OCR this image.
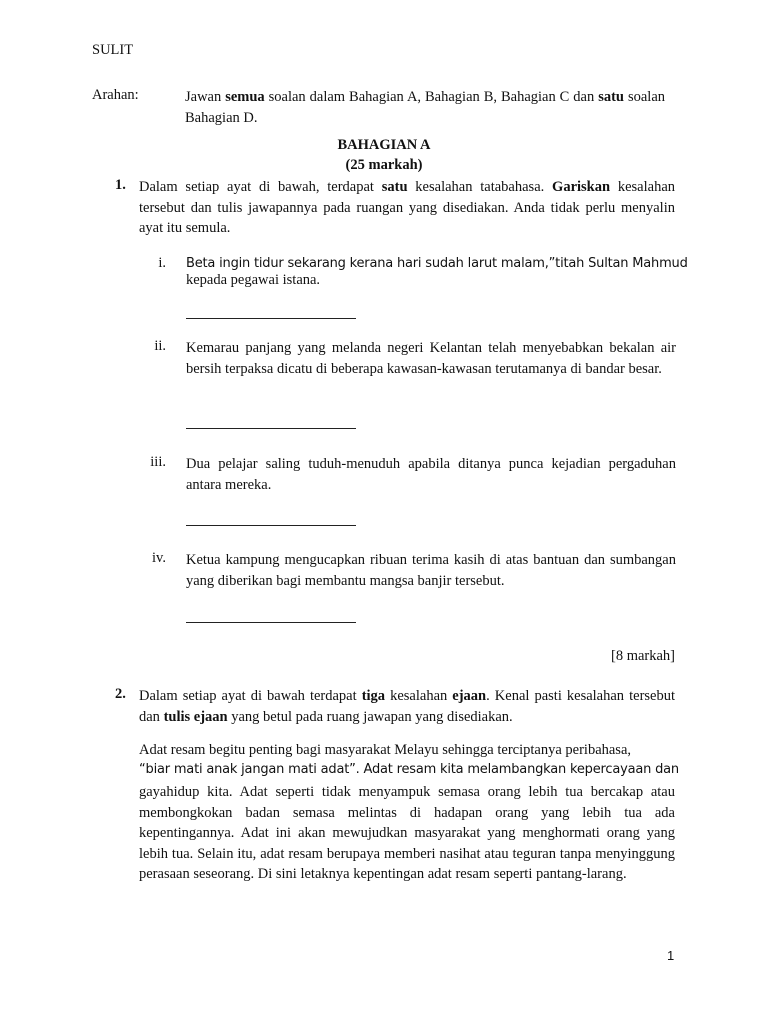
SULIT
Arahan:	Jawan semua soalan dalam Bahagian A, Bahagian B, Bahagian C dan satu soalan Bahagian D.
BAHAGIAN A
(25 markah)
1. Dalam setiap ayat di bawah, terdapat satu kesalahan tatabahasa. Gariskan kesalahan tersebut dan tulis jawapannya pada ruangan yang disediakan. Anda tidak perlu menyalin ayat itu semula.
i. Beta ingin tidur sekarang kerana hari sudah larut malam,”titah Sultan Mahmud
kepada pegawai istana.
ii. Kemarau panjang yang melanda negeri Kelantan telah menyebabkan bekalan air bersih terpaksa dicatu di beberapa kawasan-kawasan terutamanya di bandar besar.
iii. Dua pelajar saling tuduh-menuduh apabila ditanya punca kejadian pergaduhan antara mereka.
iv. Ketua kampung mengucapkan ribuan terima kasih di atas bantuan dan sumbangan yang diberikan bagi membantu mangsa banjir tersebut.
[8 markah]
2. Dalam setiap ayat di bawah terdapat tiga kesalahan ejaan. Kenal pasti kesalahan tersebut dan tulis ejaan yang betul pada ruang jawapan yang disediakan.
Adat resam begitu penting bagi masyarakat Melayu sehingga terciptanya peribahasa,
“biar mati anak jangan mati adat”. Adat resam kita melambangkan kepercayaan dan
gayahidup kita. Adat seperti tidak menyampuk semasa orang lebih tua bercakap atau membongkokan badan semasa melintas di hadapan orang yang lebih tua ada kepentingannya. Adat ini akan mewujudkan masyarakat yang menghormati orang yang lebih tua. Selain itu, adat resam berupaya memberi nasihat atau teguran tanpa menyinggung perasaan seseorang. Di sini letaknya kepentingan adat resam seperti pantang-larang.
1
